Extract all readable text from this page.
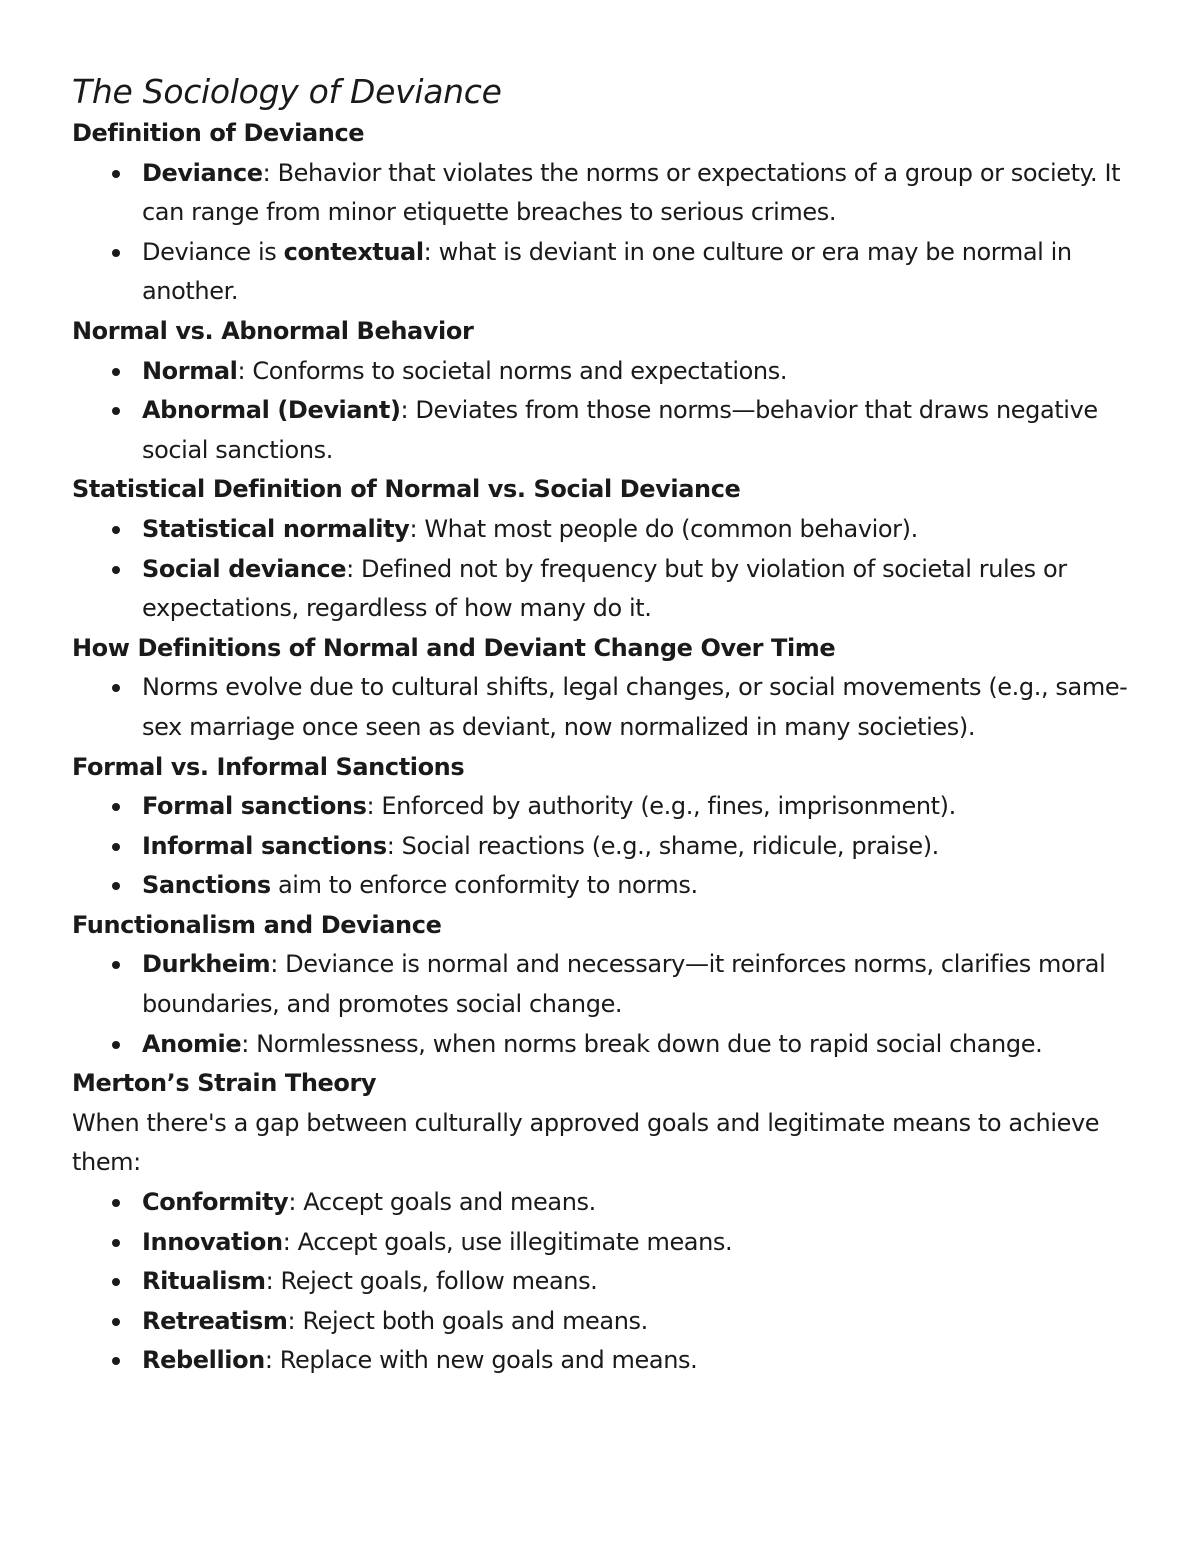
The Sociology of Deviance
Definition of Deviance
Deviance: Behavior that violates the norms or expectations of a group or society. It can range from minor etiquette breaches to serious crimes.
Deviance is contextual: what is deviant in one culture or era may be normal in another.
Normal vs. Abnormal Behavior
Normal: Conforms to societal norms and expectations.
Abnormal (Deviant): Deviates from those norms—behavior that draws negative social sanctions.
Statistical Definition of Normal vs. Social Deviance
Statistical normality: What most people do (common behavior).
Social deviance: Defined not by frequency but by violation of societal rules or expectations, regardless of how many do it.
How Definitions of Normal and Deviant Change Over Time
Norms evolve due to cultural shifts, legal changes, or social movements (e.g., same-sex marriage once seen as deviant, now normalized in many societies).
Formal vs. Informal Sanctions
Formal sanctions: Enforced by authority (e.g., fines, imprisonment).
Informal sanctions: Social reactions (e.g., shame, ridicule, praise).
Sanctions aim to enforce conformity to norms.
Functionalism and Deviance
Durkheim: Deviance is normal and necessary—it reinforces norms, clarifies moral boundaries, and promotes social change.
Anomie: Normlessness, when norms break down due to rapid social change.
Merton’s Strain Theory

When there's a gap between culturally approved goals and legitimate means to achieve them:

Conformity: Accept goals and means.
Innovation: Accept goals, use illegitimate means.
Ritualism: Reject goals, follow means.
Retreatism: Reject both goals and means.
Rebellion: Replace with new goals and means.
